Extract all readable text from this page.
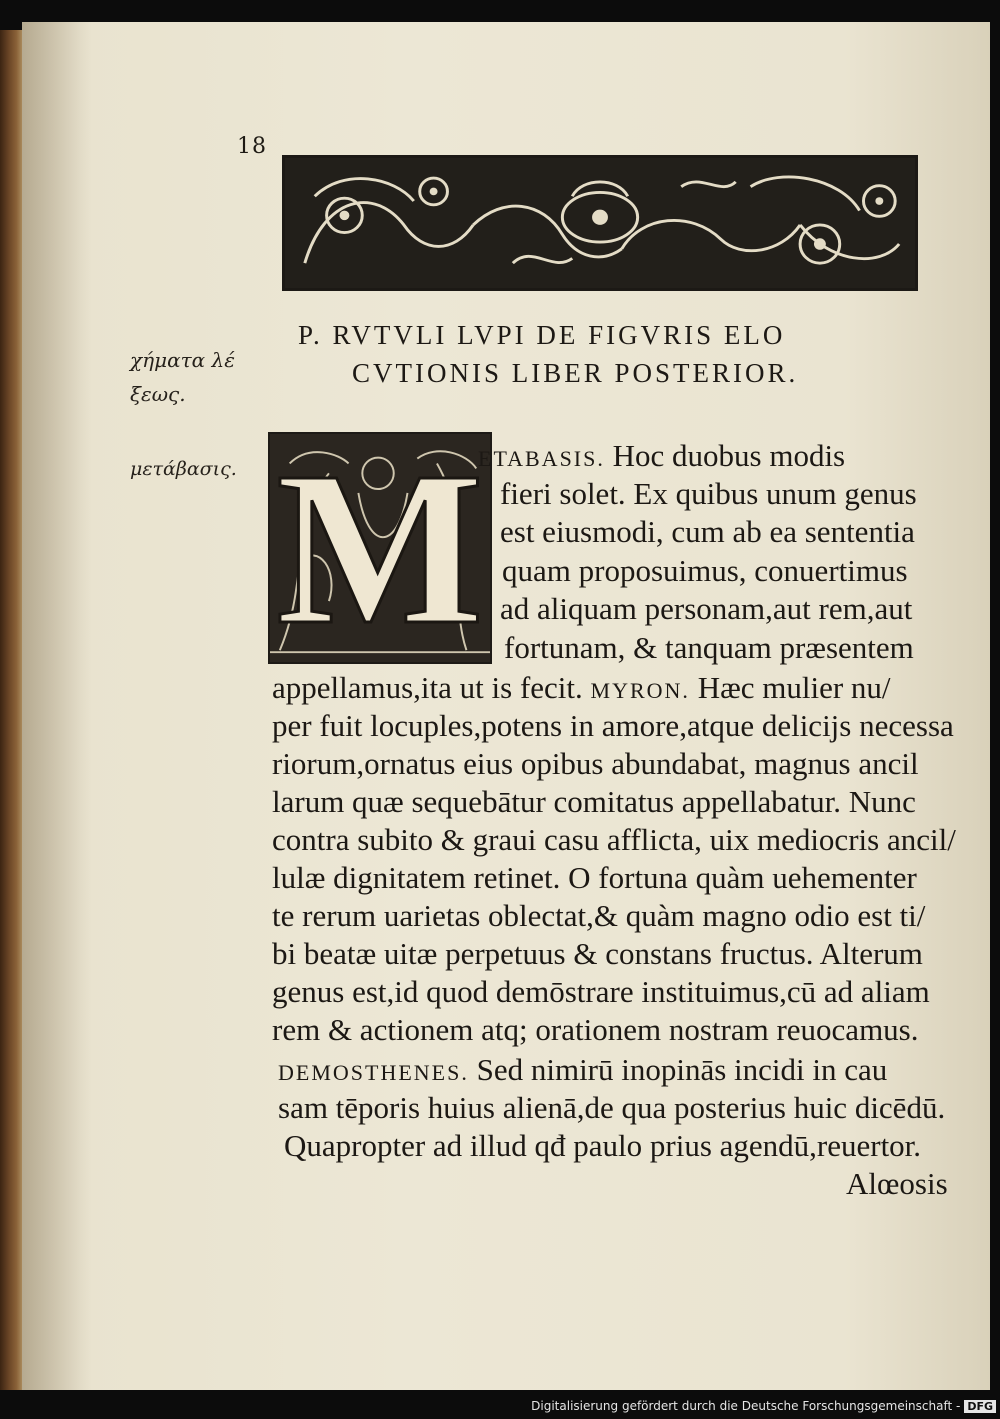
18
P. RVTVLI LVPI DE FIGVRIS ELO
CVTIONIS LIBER POSTERIOR.
χήματα λέ
ξεως.
μετάβασις. M
ETABASIS. Hoc duobus modis
fieri solet. Ex quibus unum genus
est eiusmodi, cum ab ea sententia
quam proposuimus, conuertimus
ad aliquam personam,aut rem,aut
fortunam, & tanquam præsentem
appellamus,ita ut is fecit. MYRON. Hæc mulier nu/
per fuit locuples,potens in amore,atque delicijs necessa
riorum,ornatus eius opibus abundabat, magnus ancil
larum quæ sequebātur comitatus appellabatur. Nunc
contra subito & graui casu afflicta, uix mediocris ancil/
lulæ dignitatem retinet. O fortuna quàm uehementer
te rerum uarietas oblectat,& quàm magno odio est ti/
bi beatæ uitæ perpetuus & constans fructus. Alterum
genus est,id quod demōstrare instituimus,cū ad aliam
rem & actionem atq; orationem nostram reuocamus.
DEMOSTHENES. Sed nimirū inopinās incidi in cau
sam tēporis huius alienā,de qua posterius huic dicēdū.
Quapropter ad illud qđ paulo prius agendū,reuertor.
Alœosis
Digitalisierung gefördert durch die Deutsche Forschungsgemeinschaft - DFG
